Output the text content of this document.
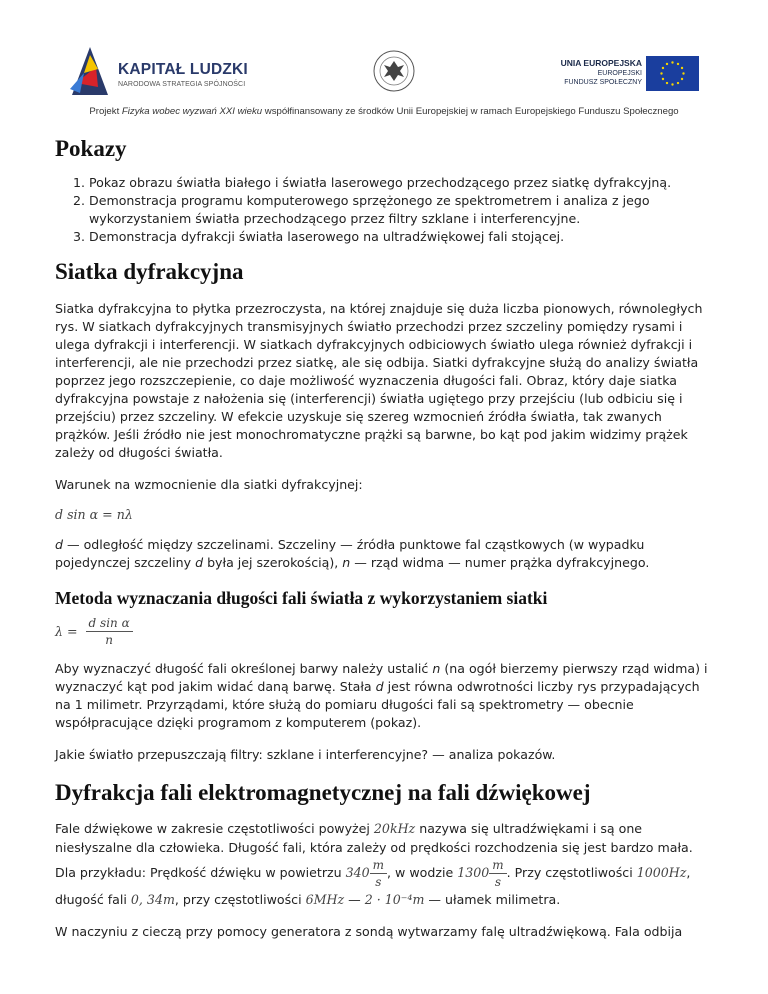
KAPITAŁ LUDZKI
NARODOWA STRATEGIA SPÓJNOŚCI
UNIA EUROPEJSKA
EUROPEJSKI
FUNDUSZ SPOŁECZNY
Projekt Fizyka wobec wyzwań XXI wieku współfinansowany ze środków Unii Europejskiej w ramach Europejskiego Funduszu Społecznego
Pokazy
1. Pokaz obrazu światła białego i światła laserowego przechodzącego przez siatkę dyfrakcyjną.
2. Demonstracja programu komputerowego sprzężonego ze spektrometrem i analiza z jego wykorzystaniem światła przechodzącego przez filtry szklane i interferencyjne.
3. Demonstracja dyfrakcji światła laserowego na ultradźwiękowej fali stojącej.
Siatka dyfrakcyjna

Siatka dyfrakcyjna to płytka przezroczysta, na której znajduje się duża liczba pionowych, równoległych rys. W siatkach dyfrakcyjnych transmisyjnych światło przechodzi przez szczeliny pomiędzy rysami i ulega dyfrakcji i interferencji. W siatkach dyfrakcyjnych odbiciowych światło ulega również dyfrakcji i interferencji, ale nie przechodzi przez siatkę, ale się odbija. Siatki dyfrakcyjne służą do analizy światła poprzez jego rozszczepienie, co daje możliwość wyznaczenia długości fali. Obraz, który daje siatka dyfrakcyjna powstaje z nałożenia się (interferencji) światła ugiętego przy przejściu (lub odbiciu się i przejściu) przez szczeliny. W efekcie uzyskuje się szereg wzmocnień źródła światła, tak zwanych prążków. Jeśli źródło nie jest monochromatyczne prążki są barwne, bo kąt pod jakim widzimy prążek zależy od długości światła.

Warunek na wzmocnienie dla siatki dyfrakcyjnej:

d sin α = nλ

d — odległość między szczelinami. Szczeliny — źródła punktowe fal cząstkowych (w wypadku pojedynczej szczeliny d była jej szerokością), n — rząd widma — numer prążka dyfrakcyjnego.

Metoda wyznaczania długości fali światła z wykorzystaniem siatki
$\lambda = \frac{\text{d sin α}}{n}$

Aby wyznaczyć długość fali określonej barwy należy ustalić n (na ogół bierzemy pierwszy rząd widma) i wyznaczyć kąt pod jakim widać daną barwę. Stała d jest równa odwrotności liczby rys przypadających na 1 milimetr. Przyrządami, które służą do pomiaru długości fali są spektrometry — obecnie współpracujące dzięki programom z komputerem (pokaz).

Jakie światło przepuszczają filtry: szklane i interferencyjne? — analiza pokazów.

Dyfrakcja fali elektromagnetycznej na fali dźwiękowej

Fale dźwiękowe w zakresie częstotliwości powyżej 20kHz nazywa się ultradźwiękami i są one niesłyszalne dla człowieka. Długość fali, która zależy od prędkości rozchodzenia się jest bardzo mała. Dla przykładu: Prędkość dźwięku w powietrzu $340 \frac{m}{s}$ , w wodzie $1300 \frac{m}{s}$ . Przy częstotliwości 1000Hz, długość fali 0, 34m, przy częstotliwości 6MHz — 2 · 10⁻⁴m — ułamek milimetra.

W naczyniu z cieczą przy pomocy generatora z sondą wytwarzamy falę ultradźwiękową. Fala odbija
